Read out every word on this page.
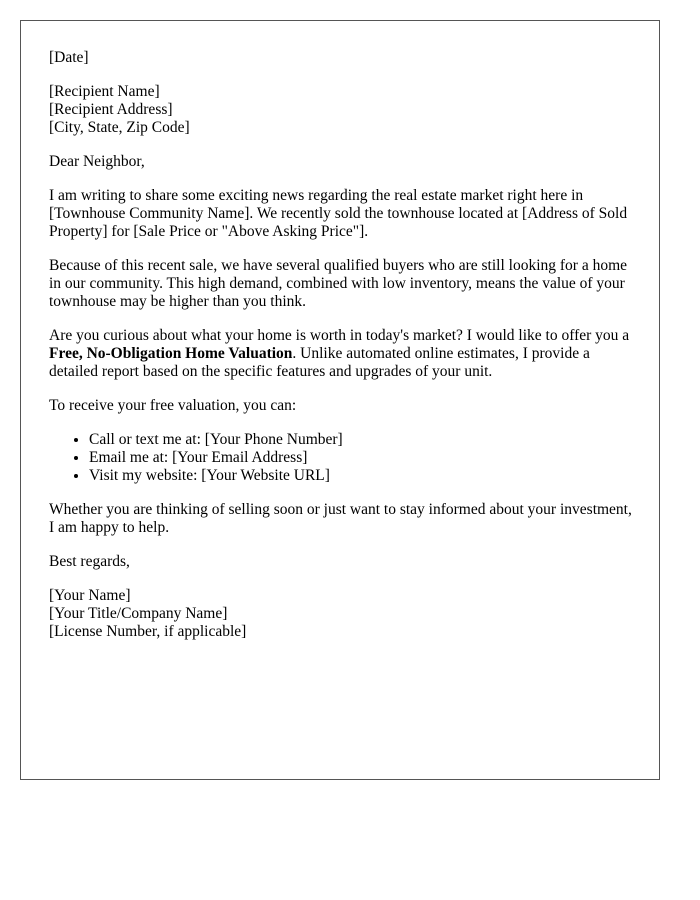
[Date]

[Recipient Name]
[Recipient Address]
[City, State, Zip Code]

Dear Neighbor,

I am writing to share some exciting news regarding the real estate market right here in [Townhouse Community Name]. We recently sold the townhouse located at [Address of Sold Property] for [Sale Price or "Above Asking Price"].

Because of this recent sale, we have several qualified buyers who are still looking for a home in our community. This high demand, combined with low inventory, means the value of your townhouse may be higher than you think.

Are you curious about what your home is worth in today's market? I would like to offer you a Free, No-Obligation Home Valuation. Unlike automated online estimates, I provide a detailed report based on the specific features and upgrades of your unit.

To receive your free valuation, you can:

• Call or text me at: [Your Phone Number]
• Email me at: [Your Email Address]
• Visit my website: [Your Website URL]

Whether you are thinking of selling soon or just want to stay informed about your investment, I am happy to help.

Best regards,

[Your Name]
[Your Title/Company Name]
[License Number, if applicable]
